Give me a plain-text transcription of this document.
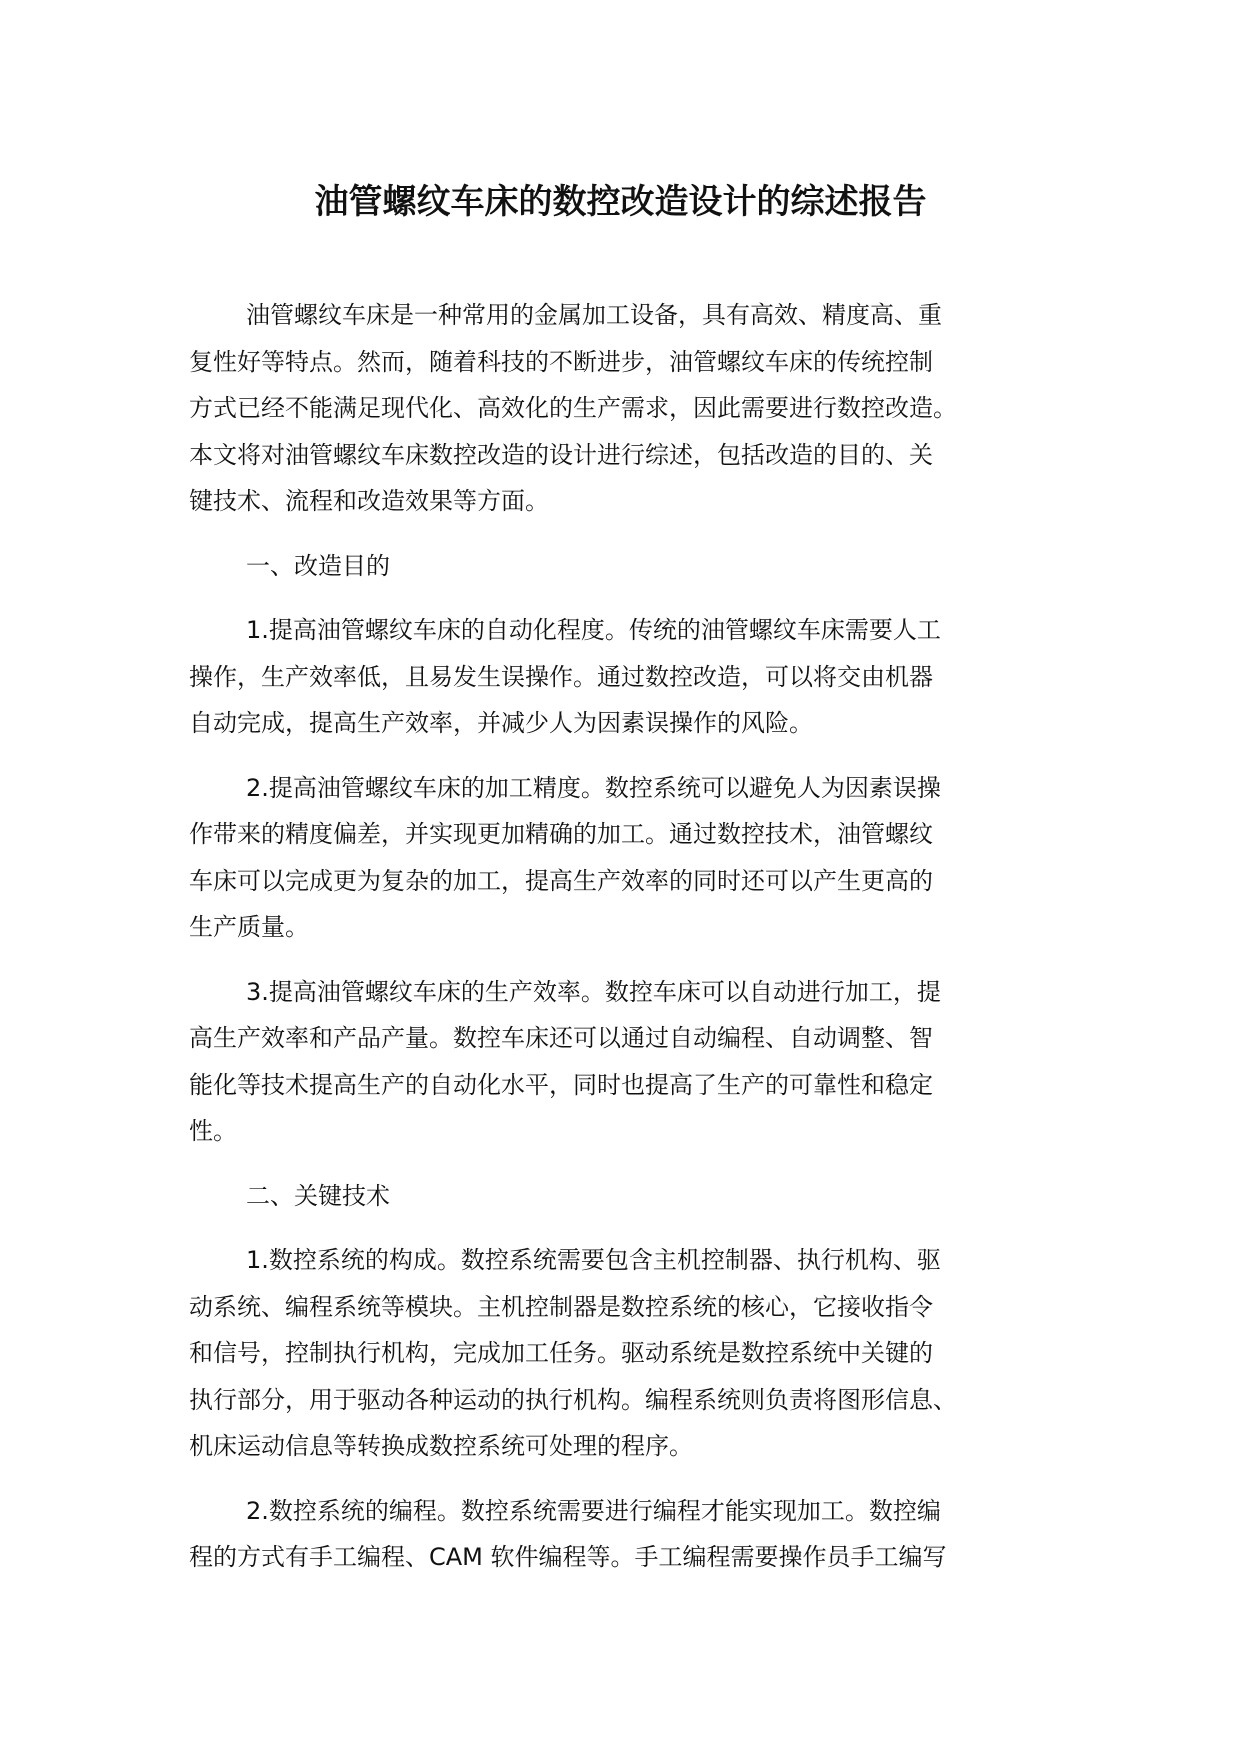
油管螺纹车床的数控改造设计的综述报告

油管螺纹车床是一种常用的金属加工设备，具有高效、精度高、重
复性好等特点。然而，随着科技的不断进步，油管螺纹车床的传统控制
方式已经不能满足现代化、高效化的生产需求，因此需要进行数控改造。
本文将对油管螺纹车床数控改造的设计进行综述，包括改造的目的、关
键技术、流程和改造效果等方面。

一、改造目的

1.提高油管螺纹车床的自动化程度。传统的油管螺纹车床需要人工
操作，生产效率低，且易发生误操作。通过数控改造，可以将交由机器
自动完成，提高生产效率，并减少人为因素误操作的风险。

2.提高油管螺纹车床的加工精度。数控系统可以避免人为因素误操
作带来的精度偏差，并实现更加精确的加工。通过数控技术，油管螺纹
车床可以完成更为复杂的加工，提高生产效率的同时还可以产生更高的
生产质量。

3.提高油管螺纹车床的生产效率。数控车床可以自动进行加工，提
高生产效率和产品产量。数控车床还可以通过自动编程、自动调整、智
能化等技术提高生产的自动化水平，同时也提高了生产的可靠性和稳定
性。

二、关键技术

1.数控系统的构成。数控系统需要包含主机控制器、执行机构、驱
动系统、编程系统等模块。主机控制器是数控系统的核心，它接收指令
和信号，控制执行机构，完成加工任务。驱动系统是数控系统中关键的
执行部分，用于驱动各种运动的执行机构。编程系统则负责将图形信息、
机床运动信息等转换成数控系统可处理的程序。

2.数控系统的编程。数控系统需要进行编程才能实现加工。数控编
程的方式有手工编程、CAM 软件编程等。手工编程需要操作员手工编写
